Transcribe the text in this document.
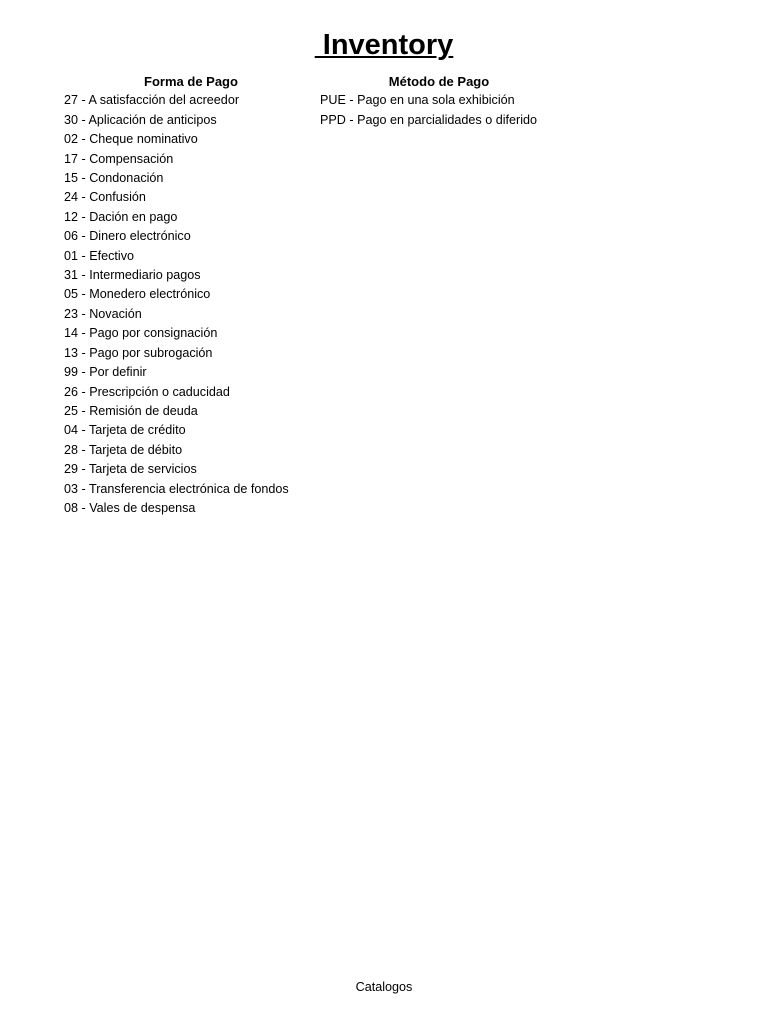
Inventory
Forma de Pago
27 - A satisfacción del acreedor
30 - Aplicación de anticipos
02 - Cheque nominativo
17 - Compensación
15 - Condonación
24 - Confusión
12 - Dación en pago
06 - Dinero electrónico
01 - Efectivo
31 - Intermediario pagos
05 - Monedero electrónico
23 - Novación
14 - Pago por consignación
13 - Pago por subrogación
99 - Por definir
26 - Prescripción o caducidad
25 - Remisión de deuda
04 - Tarjeta de crédito
28 - Tarjeta de débito
29 - Tarjeta de servicios
03 - Transferencia electrónica de fondos
08 - Vales de despensa
Método de Pago
PUE - Pago en una sola exhibición
PPD - Pago en parcialidades o diferido
Catalogos
